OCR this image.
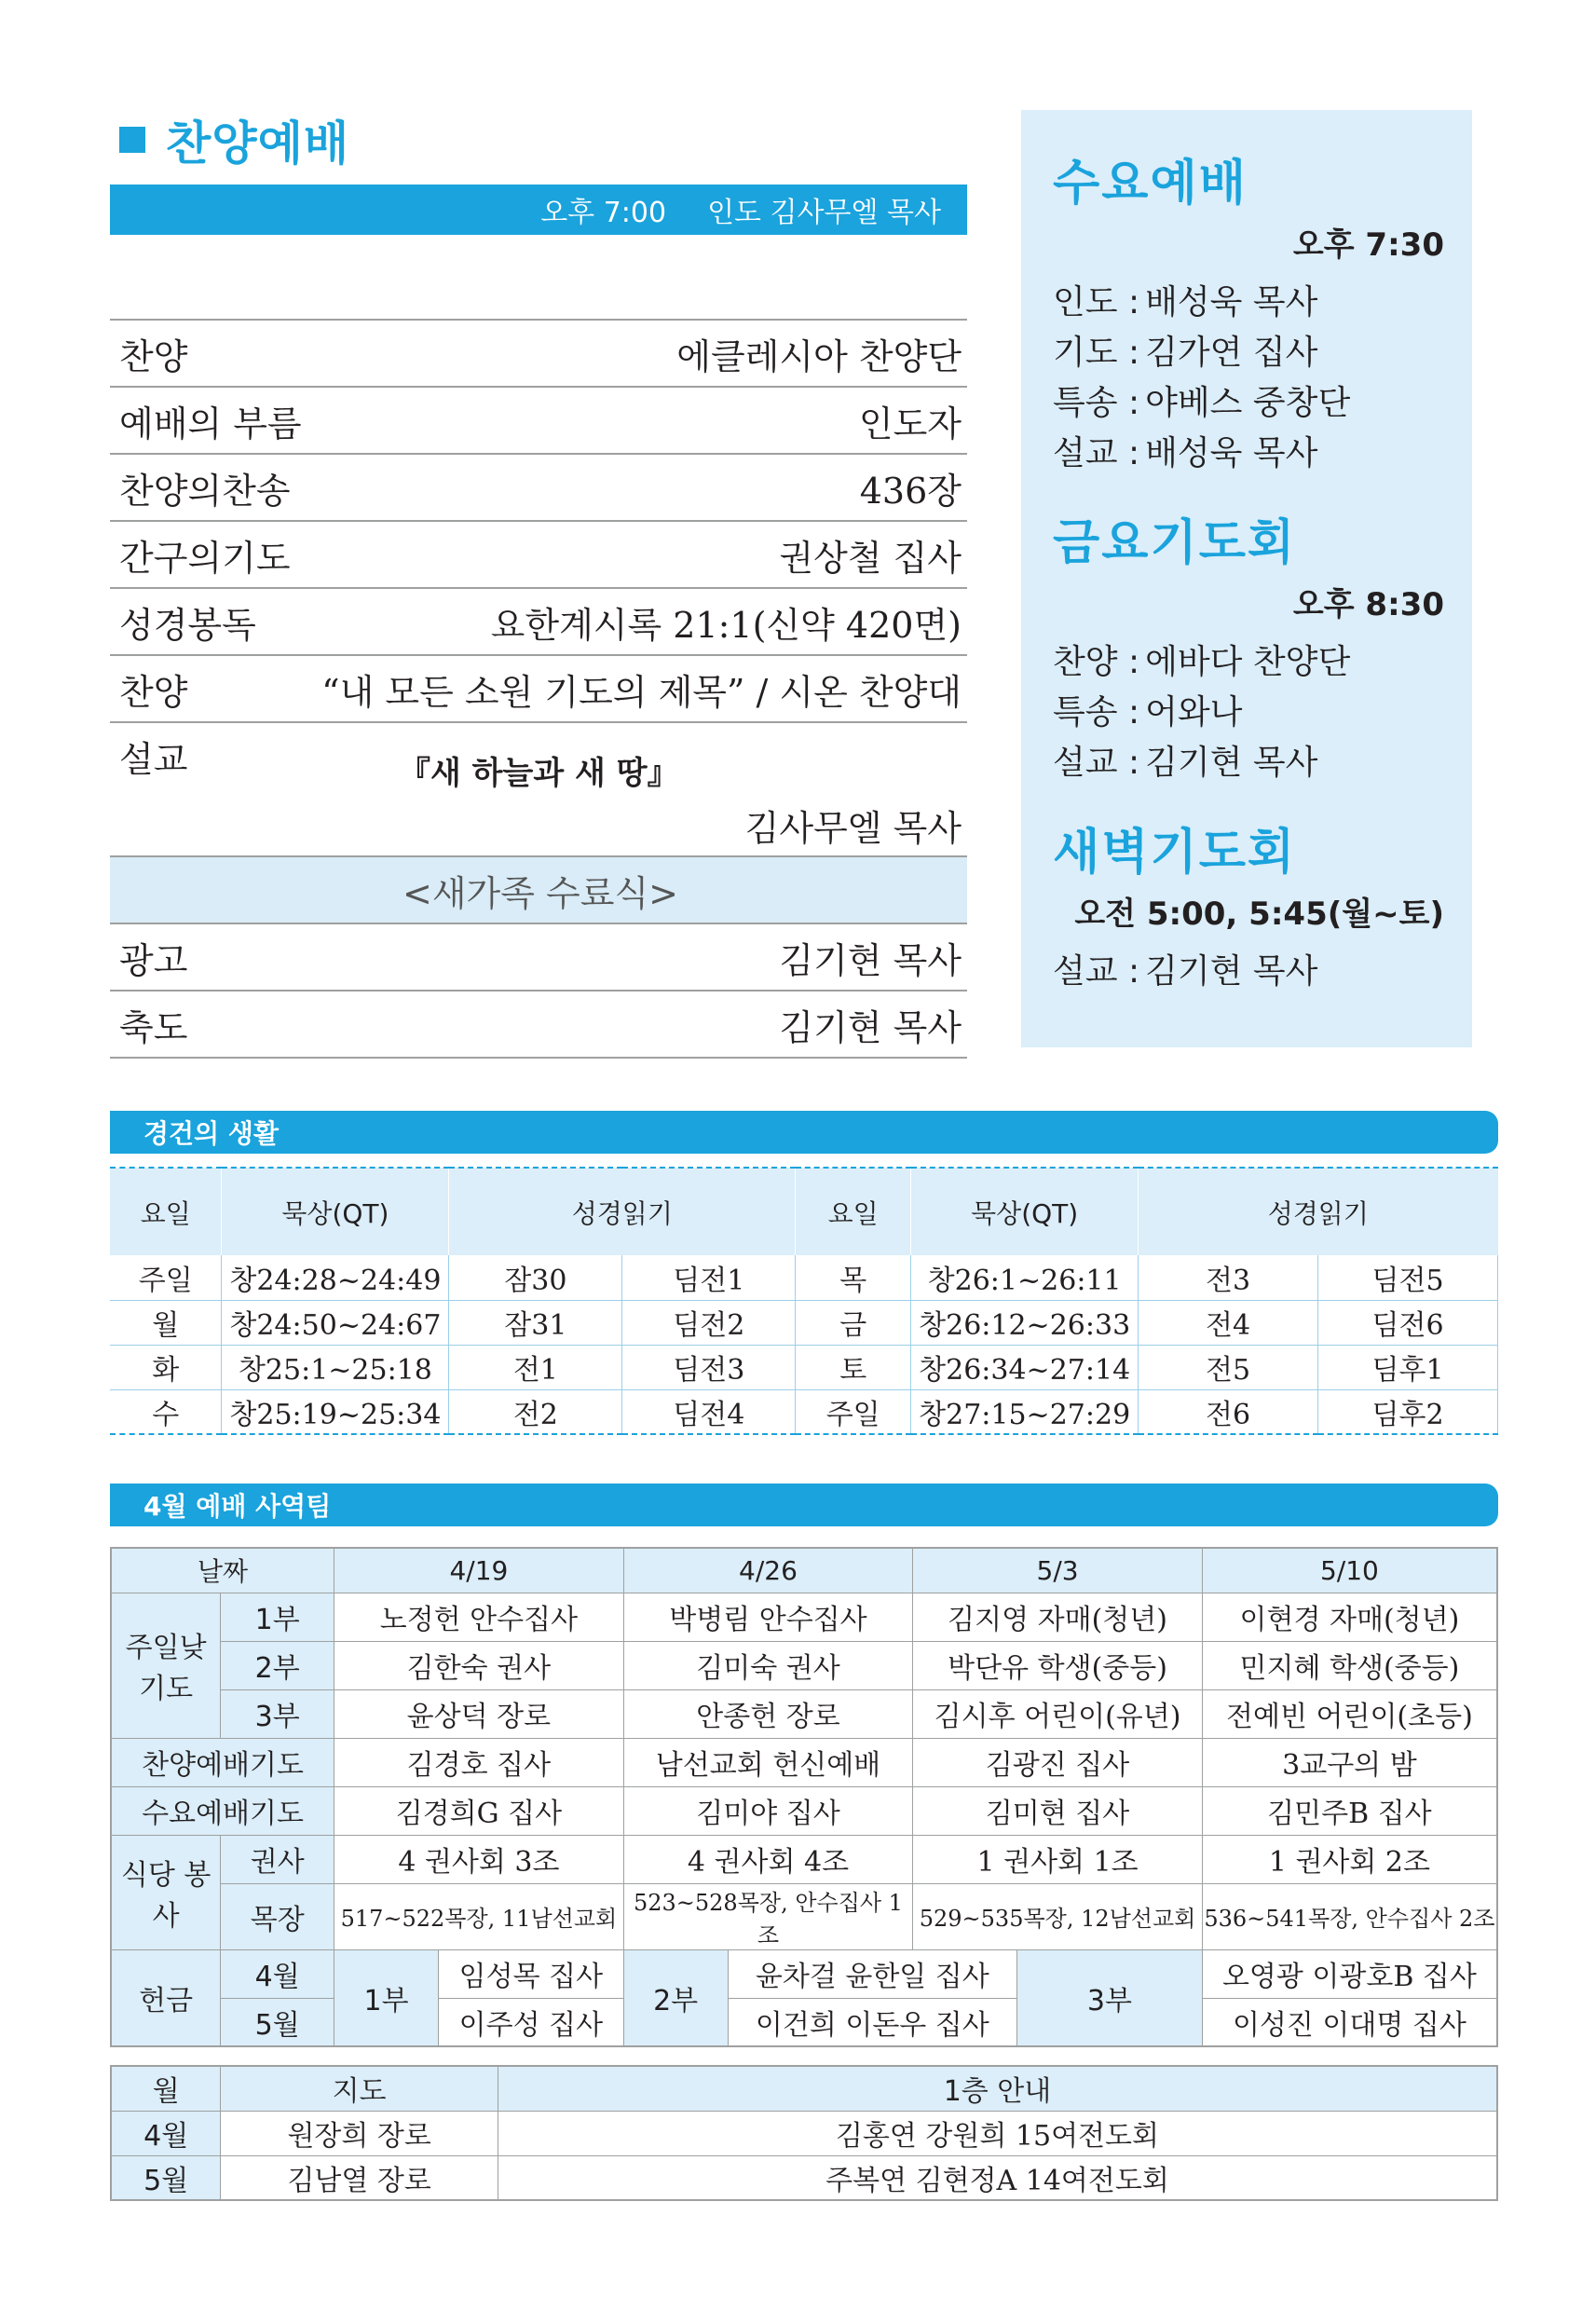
찬양예배
오후 7:00 인도 김사무엘 목사
찬양	에클레시아 찬양단
예배의 부름	인도자
찬양의찬송	436장
간구의기도	권상철 집사
성경봉독	요한계시록 21:1(신약 420면)
찬양	“내 모든 소원 기도의 제목” / 시온 찬양대
설교	『새 하늘과 새 땅』
김사무엘 목사
<새가족 수료식>
광고	김기현 목사
축도	김기현 목사
수요예배
오후 7:30
인도 : 배성욱 목사
기도 : 김가연 집사
특송 : 야베스 중창단
설교 : 배성욱 목사
금요기도회
오후 8:30
찬양 : 에바다 찬양단
특송 : 어와나
설교 : 김기현 목사
새벽기도회
오전 5:00, 5:45(월~토)
설교 : 김기현 목사
경건의 생활
요일	묵상(QT)	성경읽기		요일	묵상(QT)	성경읽기	
주일	창24:28~24:49	잠30	딤전1	목	창26:1~26:11	전3	딤전5
월	창24:50~24:67	잠31	딤전2	금	창26:12~26:33	전4	딤전6
화	창25:1~25:18	전1	딤전3	토	창26:34~27:14	전5	딤후1
수	창25:19~25:34	전2	딤전4	주일	창27:15~27:29	전6	딤후2
4월 예배 사역팀
날짜		4/19		4/26		5/3		5/10
주일낮 기도	1부	노정헌 안수집사		박병림 안수집사		김지영 자매(청년)		이현경 자매(청년)
	2부	김한숙 권사		김미숙 권사		박단유 학생(중등)		민지혜 학생(중등)
	3부	윤상덕 장로		안종헌 장로		김시후 어린이(유년)		전예빈 어린이(초등)
찬양예배기도		김경호 집사		남선교회 헌신예배		김광진 집사		3교구의 밤
수요예배기도		김경희G 집사		김미야 집사		김미현 집사		김민주B 집사
식당 봉사	권사	4 권사회 3조		4 권사회 4조		1 권사회 1조		1 권사회 2조
	목장	517~522목장, 11남선교회		523~528목장, 안수집사 1조		529~535목장, 12남선교회		536~541목장, 안수집사 2조
헌금	4월	1부	임성목 집사	2부	윤차걸 윤한일 집사		3부	오영광 이광호B 집사
	5월		이주성 집사		이건희 이돈우 집사			이성진 이대명 집사
월	지도	1층 안내
4월	원장희 장로	김홍연 강원희 15여전도회
5월	김남열 장로	주복연 김현정A 14여전도회
